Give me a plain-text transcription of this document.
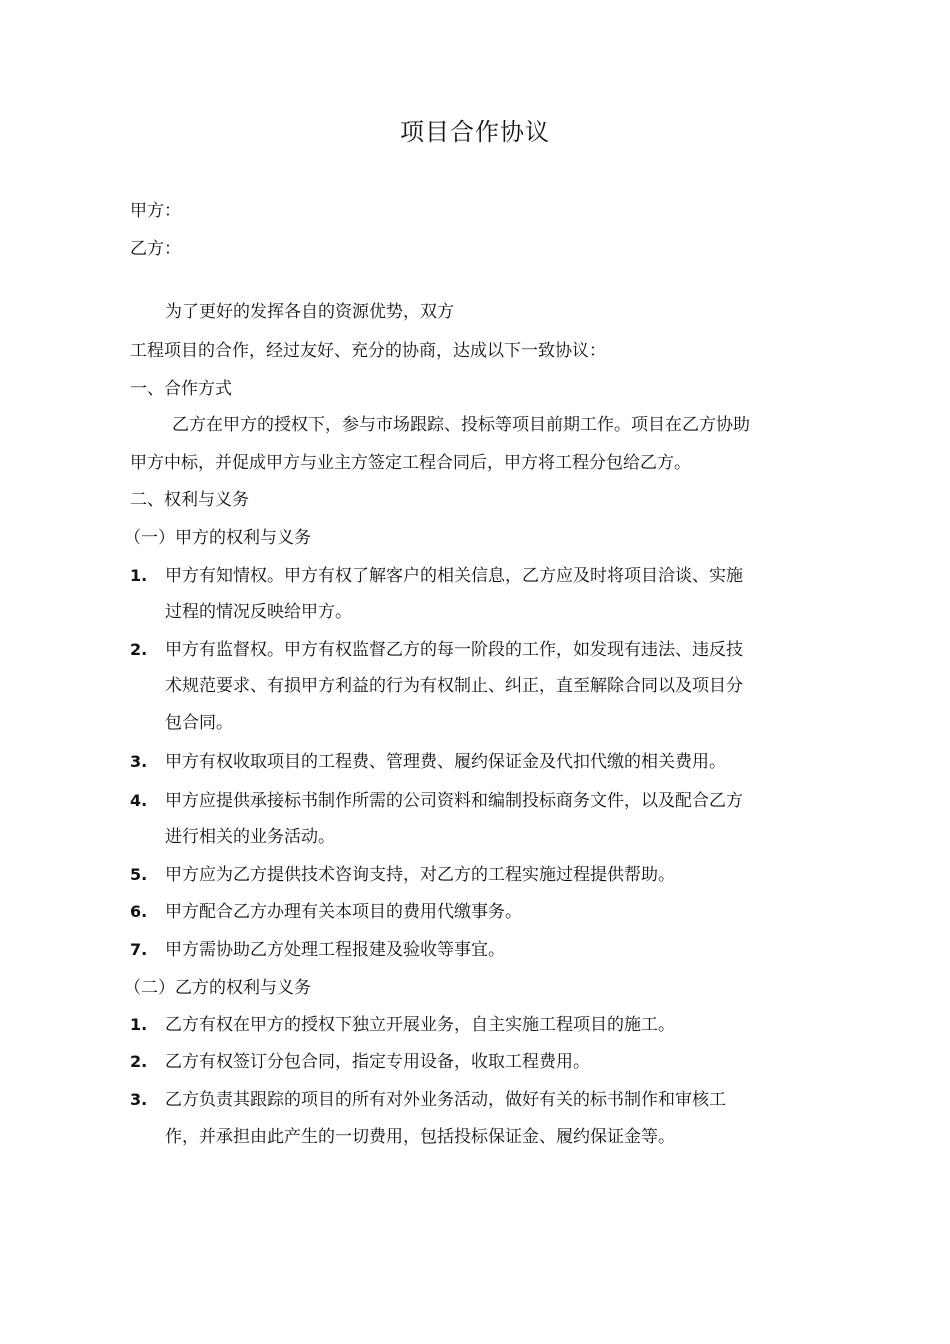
项目合作协议
甲方：
乙方：
为了更好的发挥各自的资源优势，双方
工程项目的合作，经过友好、充分的协商，达成以下一致协议：
一、合作方式
乙方在甲方的授权下，参与市场跟踪、投标等项目前期工作。项目在乙方协助
甲方中标，并促成甲方与业主方签定工程合同后，甲方将工程分包给乙方。
二、权利与义务
（一）甲方的权利与义务
1. 甲方有知情权。甲方有权了解客户的相关信息，乙方应及时将项目洽谈、实施
过程的情况反映给甲方。
2. 甲方有监督权。甲方有权监督乙方的每一阶段的工作，如发现有违法、违反技
术规范要求、有损甲方利益的行为有权制止、纠正，直至解除合同以及项目分
包合同。
3. 甲方有权收取项目的工程费、管理费、履约保证金及代扣代缴的相关费用。
4. 甲方应提供承接标书制作所需的公司资料和编制投标商务文件，以及配合乙方
进行相关的业务活动。
5. 甲方应为乙方提供技术咨询支持，对乙方的工程实施过程提供帮助。
6. 甲方配合乙方办理有关本项目的费用代缴事务。
7. 甲方需协助乙方处理工程报建及验收等事宜。
（二）乙方的权利与义务
1. 乙方有权在甲方的授权下独立开展业务，自主实施工程项目的施工。
2. 乙方有权签订分包合同，指定专用设备，收取工程费用。
3. 乙方负责其跟踪的项目的所有对外业务活动，做好有关的标书制作和审核工
作，并承担由此产生的一切费用，包括投标保证金、履约保证金等。
